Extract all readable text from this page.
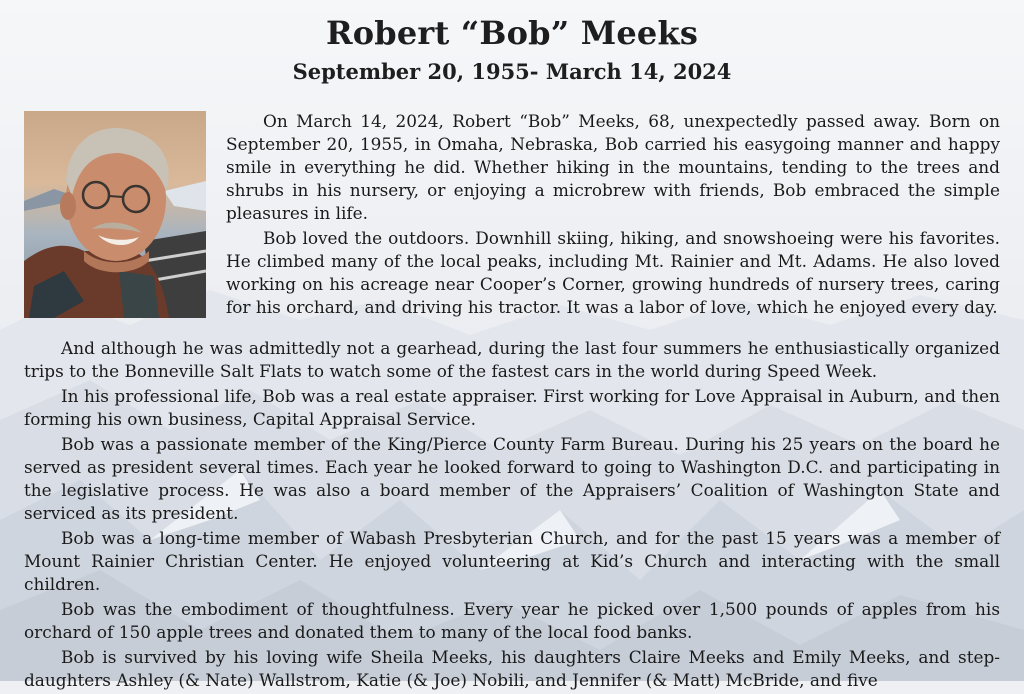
Robert “Bob” Meeks
September 20, 1955- March 14, 2024

On March 14, 2024, Robert “Bob” Meeks, 68, unexpectedly passed away. Born on September 20, 1955, in Omaha, Nebraska, Bob carried his easygoing manner and happy smile in everything he did. Whether hiking in the mountains, tending to the trees and shrubs in his nursery, or enjoying a microbrew with friends, Bob embraced the simple pleasures in life.

Bob loved the outdoors. Downhill skiing, hiking, and snowshoeing were his favorites. He climbed many of the local peaks, including Mt. Rainier and Mt. Adams. He also loved working on his acreage near Cooper’s Corner, growing hundreds of nursery trees, caring for his orchard, and driving his tractor. It was a labor of love, which he enjoyed every day.

And although he was admittedly not a gearhead, during the last four summers he enthusiastically organized trips to the Bonneville Salt Flats to watch some of the fastest cars in the world during Speed Week.

In his professional life, Bob was a real estate appraiser. First working for Love Appraisal in Auburn, and then forming his own business, Capital Appraisal Service.

Bob was a passionate member of the King/Pierce County Farm Bureau. During his 25 years on the board he served as president several times. Each year he looked forward to going to Washington D.C. and participating in the legislative process. He was also a board member of the Appraisers’ Coalition of Washington State and serviced as its president.

Bob was a long-time member of Wabash Presbyterian Church, and for the past 15 years was a member of Mount Rainier Christian Center. He enjoyed volunteering at Kid’s Church and interacting with the small children.

Bob was the embodiment of thoughtfulness. Every year he picked over 1,500 pounds of apples from his orchard of 150 apple trees and donated them to many of the local food banks.

Bob is survived by his loving wife Sheila Meeks, his daughters Claire Meeks and Emily Meeks, and step-daughters Ashley (& Nate) Wallstrom, Katie (& Joe) Nobili, and Jennifer (& Matt) McBride, and five
